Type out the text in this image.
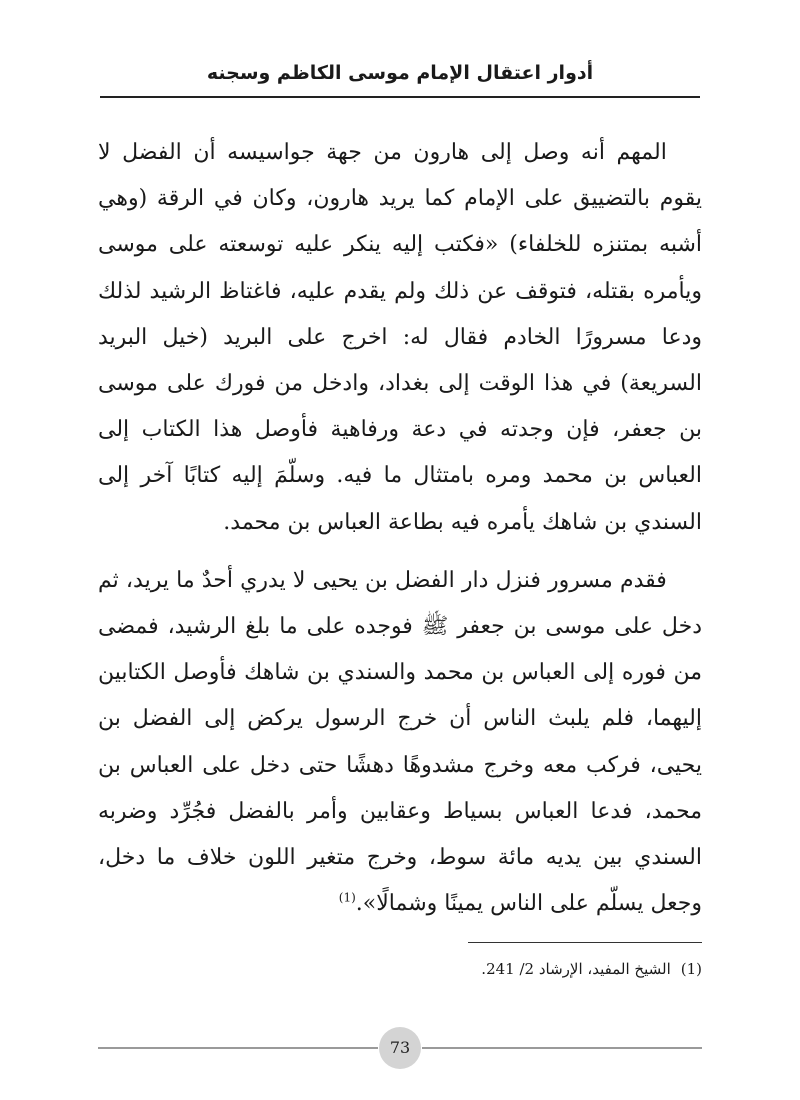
أدوار اعتقال الإمام موسى الكاظم وسجنه

المهم أنه وصل إلى هارون من جهة جواسيسه أن الفضل لا يقوم بالتضييق على الإمام كما يريد هارون، وكان في الرقة (وهي أشبه بمتنزه للخلفاء) «فكتب إليه ينكر عليه توسعته على موسى ويأمره بقتله، فتوقف عن ذلك ولم يقدم عليه، فاغتاظ الرشيد لذلك ودعا مسرورًا الخادم فقال له: اخرج على البريد (خيل البريد السريعة) في هذا الوقت إلى بغداد، وادخل من فورك على موسى بن جعفر، فإن وجدته في دعة ورفاهية فأوصل هذا الكتاب إلى العباس بن محمد ومره بامتثال ما فيه. وسلّمَ إليه كتابًا آخر إلى السندي بن شاهك يأمره فيه بطاعة العباس بن محمد.

فقدم مسرور فنزل دار الفضل بن يحيى لا يدري أحدٌ ما يريد، ثم دخل على موسى بن جعفر ﷺ فوجده على ما بلغ الرشيد، فمضى من فوره إلى العباس بن محمد والسندي بن شاهك فأوصل الكتابين إليهما، فلم يلبث الناس أن خرج الرسول يركض إلى الفضل بن يحيى، فركب معه وخرج مشدوهًا دهشًا حتى دخل على العباس بن محمد، فدعا العباس بسياط وعقابين وأمر بالفضل فجُرِّد وضربه السندي بين يديه مائة سوط، وخرج متغير اللون خلاف ما دخل، وجعل يسلّم على الناس يمينًا وشمالًا».$^{(1)}$

(1)الشيخ المفيد، الإرشاد 2/ 241.
73
